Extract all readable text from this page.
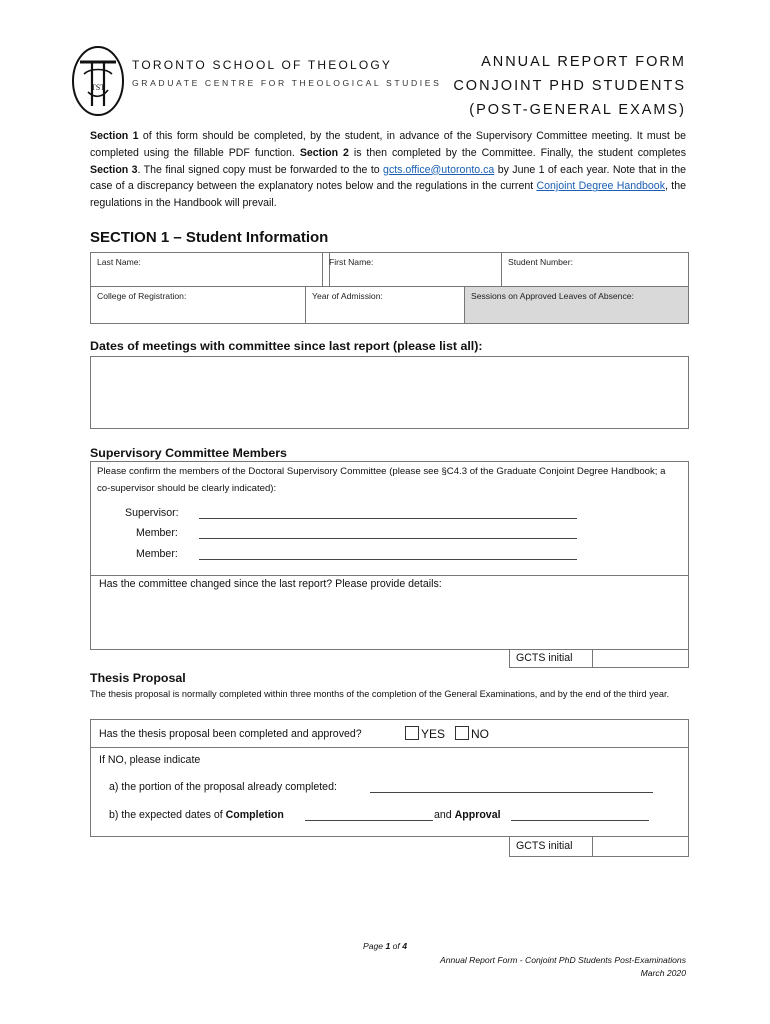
TST
TORONTO SCHOOL OF THEOLOGY
GRADUATE CENTRE FOR THEOLOGICAL STUDIES
ANNUAL REPORT FORM
CONJOINT PHD STUDENTS
(POST-GENERAL EXAMS)
Section 1 of this form should be completed, by the student, in advance of the Supervisory Committee meeting. It must be completed using the fillable PDF function. Section 2 is then completed by the Committee. Finally, the student completes Section 3. The final signed copy must be forwarded to the to gcts.office@utoronto.ca by June 1 of each year. Note that in the case of a discrepancy between the explanatory notes below and the regulations in the current Conjoint Degree Handbook, the regulations in the Handbook will prevail.
SECTION 1 – Student Information
Last Name:	First Name:	Student Number:
College of Registration:	Year of Admission:	Sessions on Approved Leaves of Absence:
Dates of meetings with committee since last report (please list all):
Supervisory Committee Members
Please confirm the members of the Doctoral Supervisory Committee (please see §C4.3 of the Graduate Conjoint Degree Handbook; a co-supervisor should be clearly indicated):
Supervisor:
Member:
Member:
Has the committee changed since the last report? Please provide details:
GCTS initial
Thesis Proposal
The thesis proposal is normally completed within three months of the completion of the General Examinations, and by the end of the third year.
Has the thesis proposal been completed and approved?	YES	NO
If NO, please indicate
a) the portion of the proposal already completed:
b) the expected dates of Completion	and Approval
GCTS initial
Page 1 of 4
Annual Report Form - Conjoint PhD Students Post-Examinations
March 2020
